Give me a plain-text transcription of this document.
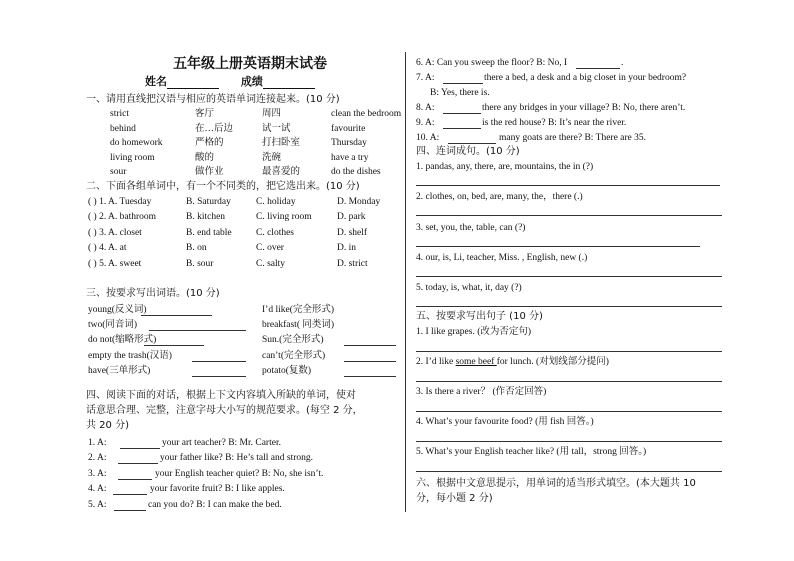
五年级上册英语期末试卷
姓名	成绩
一、请用直线把汉语与相应的英语单词连接起来。(10 分)
strict	客厅	周四	clean the bedroom
behind	在…后边	试一试	favourite
do homework	严格的	打扫卧室	Thursday
living room	酸的	洗碗	have a try
sour	做作业	最喜爱的	do the dishes
二、下面各组单词中，有一个不同类的，把它选出来。(10 分)
( ) 1. A. Tuesday	B. Saturday	C. holiday	D. Monday
( ) 2. A. bathroom	B. kitchen	C. living room	D. park
( ) 3. A. closet	B. end table	C. clothes	D. shelf
( ) 4. A. at	B. on	C. over	D. in
( ) 5. A. sweet	B. sour	C. salty	D. strict
三、按要求写出词语。(10 分)
young(反义词)	I’d like(完全形式)
two(同音词)	breakfast( 同类词)
do not(缩略形式)	Sun.(完全形式)
empty the trash(汉语)	can’t(完全形式)
have(三单形式)	potato(复数)
四、阅读下面的对话，根据上下文内容填入所缺的单词，使对
话意思合理、完整，注意字母大小写的规范要求。(每空 2 分，
共 20 分)
1. A:	your art teacher? B: Mr. Carter.
2. A:	your father like? B: He’s tall and strong.
3. A:	your English teacher quiet? B: No, she isn’t.
4. A:	your favorite fruit? B: I like apples.
5. A:	can you do? B: I can make the bed.
6. A: Can you sweep the floor? B: No, I	.
7. A:	there a bed, a desk and a big closet in your bedroom?
B: Yes, there is.
8. A:	there any bridges in your village? B: No, there aren’t.
9. A:	is the red house? B: It’s near the river.
10. A:	many goats are there? B: There are 35.
四、连词成句。(10 分)
1. pandas, any, there, are, mountains, the in (?)
2. clothes, on, bed, are, many, the，there (.)
3. set, you, the, table, can (?)
4. our, is, Li, teacher, Miss. , English, new (.)
5. today, is, what, it, day (?)
五、按要求写出句子 (10 分)
1. I like grapes. (改为否定句)
2. I’d like some beef for lunch. (对划线部分提问)
3. Is there a river？ (作否定回答)
4. What’s your favourite food? (用 fish 回答。)
5. What’s your English teacher like? (用 tall，strong 回答。)
六、根据中文意思提示，用单词的适当形式填空。(本大题共 10
分，每小题 2 分)
